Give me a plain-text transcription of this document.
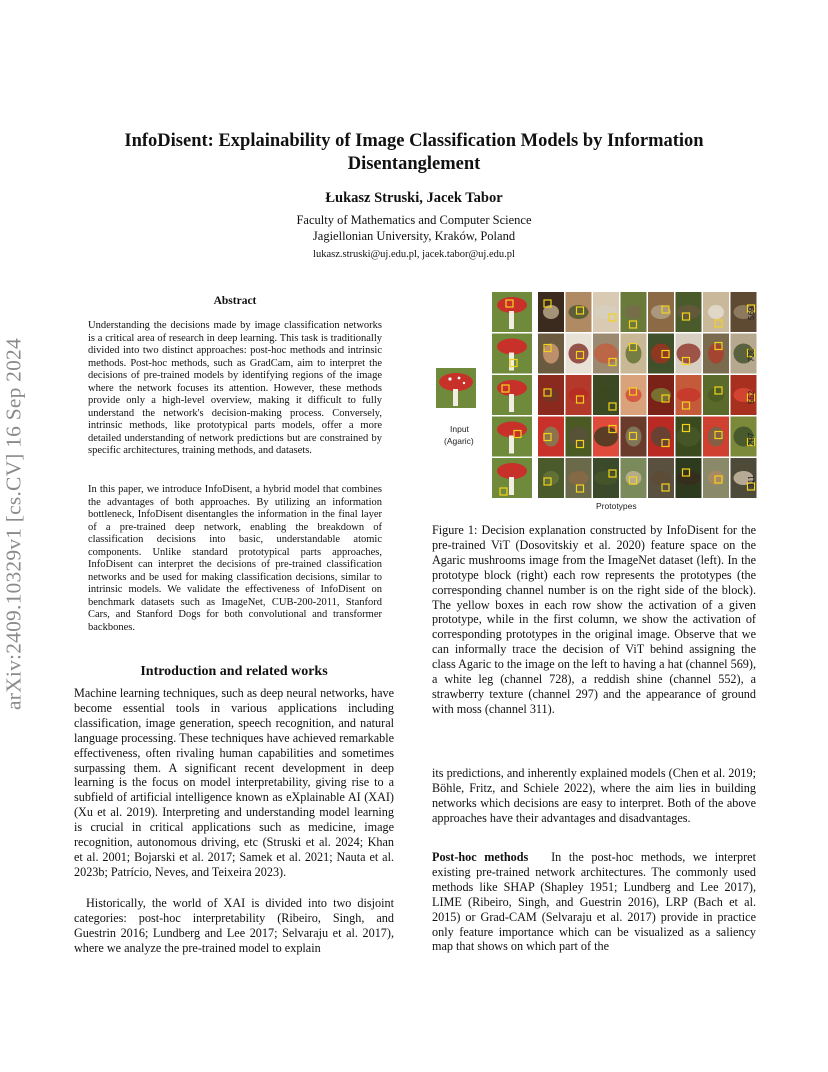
arXiv:2409.10329v1 [cs.CV] 16 Sep 2024
InfoDisent: Explainability of Image Classification Models by Information Disentanglement
Łukasz Struski, Jacek Tabor
Faculty of Mathematics and Computer Science
Jagiellonian University, Kraków, Poland
lukasz.struski@uj.edu.pl, jacek.tabor@uj.edu.pl
Abstract

Understanding the decisions made by image classification networks is a critical area of research in deep learning. This task is traditionally divided into two distinct approaches: post-hoc methods and intrinsic methods. Post-hoc methods, such as GradCam, aim to interpret the decisions of pre-trained models by identifying regions of the image where the network focuses its attention. However, these methods provide only a high-level overview, making it difficult to fully understand the network's decision-making process. Conversely, intrinsic methods, like prototypical parts models, offer a more detailed understanding of network predictions but are constrained by specific architectures, training methods, and datasets.

In this paper, we introduce InfoDisent, a hybrid model that combines the advantages of both approaches. By utilizing an information bottleneck, InfoDisent disentangles the information in the final layer of a pre-trained deep network, enabling the breakdown of classification decisions into basic, understandable atomic components. Unlike standard prototypical parts approaches, InfoDisent can interpret the decisions of pre-trained classification networks and be used for making classification decisions, similar to intrinsic models. We validate the effectiveness of InfoDisent on benchmark datasets such as ImageNet, CUB-200-2011, Stanford Cars, and Stanford Dogs for both convolutional and transformer backbones.

Introduction and related works

Machine learning techniques, such as deep neural networks, have become essential tools in various applications including classification, image generation, speech recognition, and natural language processing. These techniques have achieved remarkable effectiveness, often rivaling human capabilities and sometimes surpassing them. A significant recent development in deep learning is the focus on model interpretability, giving rise to a subfield of artificial intelligence known as eXplainable AI (XAI) (Xu et al. 2019). Interpreting and understanding model learning is crucial in critical applications such as medicine, image recognition, autonomous driving, etc (Struski et al. 2024; Khan et al. 2001; Bojarski et al. 2017; Samek et al. 2021; Nauta et al. 2023b; Patrício, Neves, and Teixeira 2023).

Historically, the world of XAI is divided into two disjoint categories: post-hoc interpretability (Ribeiro, Singh, and Guestrin 2016; Lundberg and Lee 2017; Selvaraju et al. 2017), where we analyze the pre-trained model to explain

Input
(Agaric)
Prototypes
569
728
552
297
311

Figure 1: Decision explanation constructed by InfoDisent for the pre-trained ViT (Dosovitskiy et al. 2020) feature space on the Agaric mushrooms image from the ImageNet dataset (left). In the prototype block (right) each row represents the prototypes (the corresponding channel number is on the right side of the block). The yellow boxes in each row show the activation of a given prototype, while in the first column, we show the activation of corresponding prototypes in the original image. Observe that we can informally trace the decision of ViT behind assigning the class Agaric to the image on the left to having a hat (channel 569), a white leg (channel 728), a reddish shine (channel 552), a strawberry texture (channel 297) and the appearance of ground with moss (channel 311).

its predictions, and inherently explained models (Chen et al. 2019; Böhle, Fritz, and Schiele 2022), where the aim lies in building networks which decisions are easy to interpret. Both of the above approaches have their advantages and disadvantages.

Post-hoc methods In the post-hoc methods, we interpret existing pre-trained network architectures. The commonly used methods like SHAP (Shapley 1951; Lundberg and Lee 2017), LIME (Ribeiro, Singh, and Guestrin 2016), LRP (Bach et al. 2015) or Grad-CAM (Selvaraju et al. 2017) provide in practice only feature importance which can be visualized as a saliency map that shows on which part of the
